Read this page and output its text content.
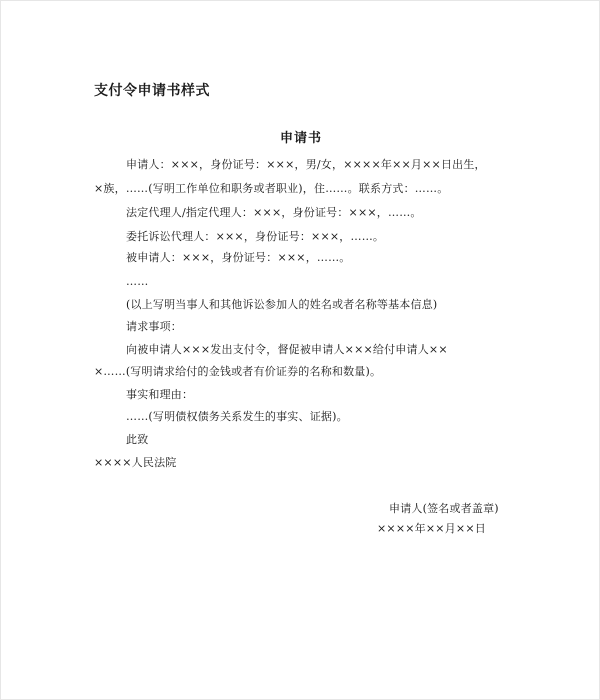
支付令申请书样式
申请书
申请人：×××，身份证号：×××，男/女，××××年××月××日出生，
×族，……(写明工作单位和职务或者职业)，住……。联系方式：……。
法定代理人/指定代理人：×××，身份证号：×××，……。
委托诉讼代理人：×××，身份证号：×××，……。
被申请人：×××，身份证号：×××，……。
……
(以上写明当事人和其他诉讼参加人的姓名或者名称等基本信息)
请求事项：
向被申请人×××发出支付令，督促被申请人×××给付申请人××
×……(写明请求给付的金钱或者有价证券的名称和数量)。
事实和理由：
……(写明债权债务关系发生的事实、证据)。
此致
××××人民法院
申请人(签名或者盖章)
××××年××月××日
